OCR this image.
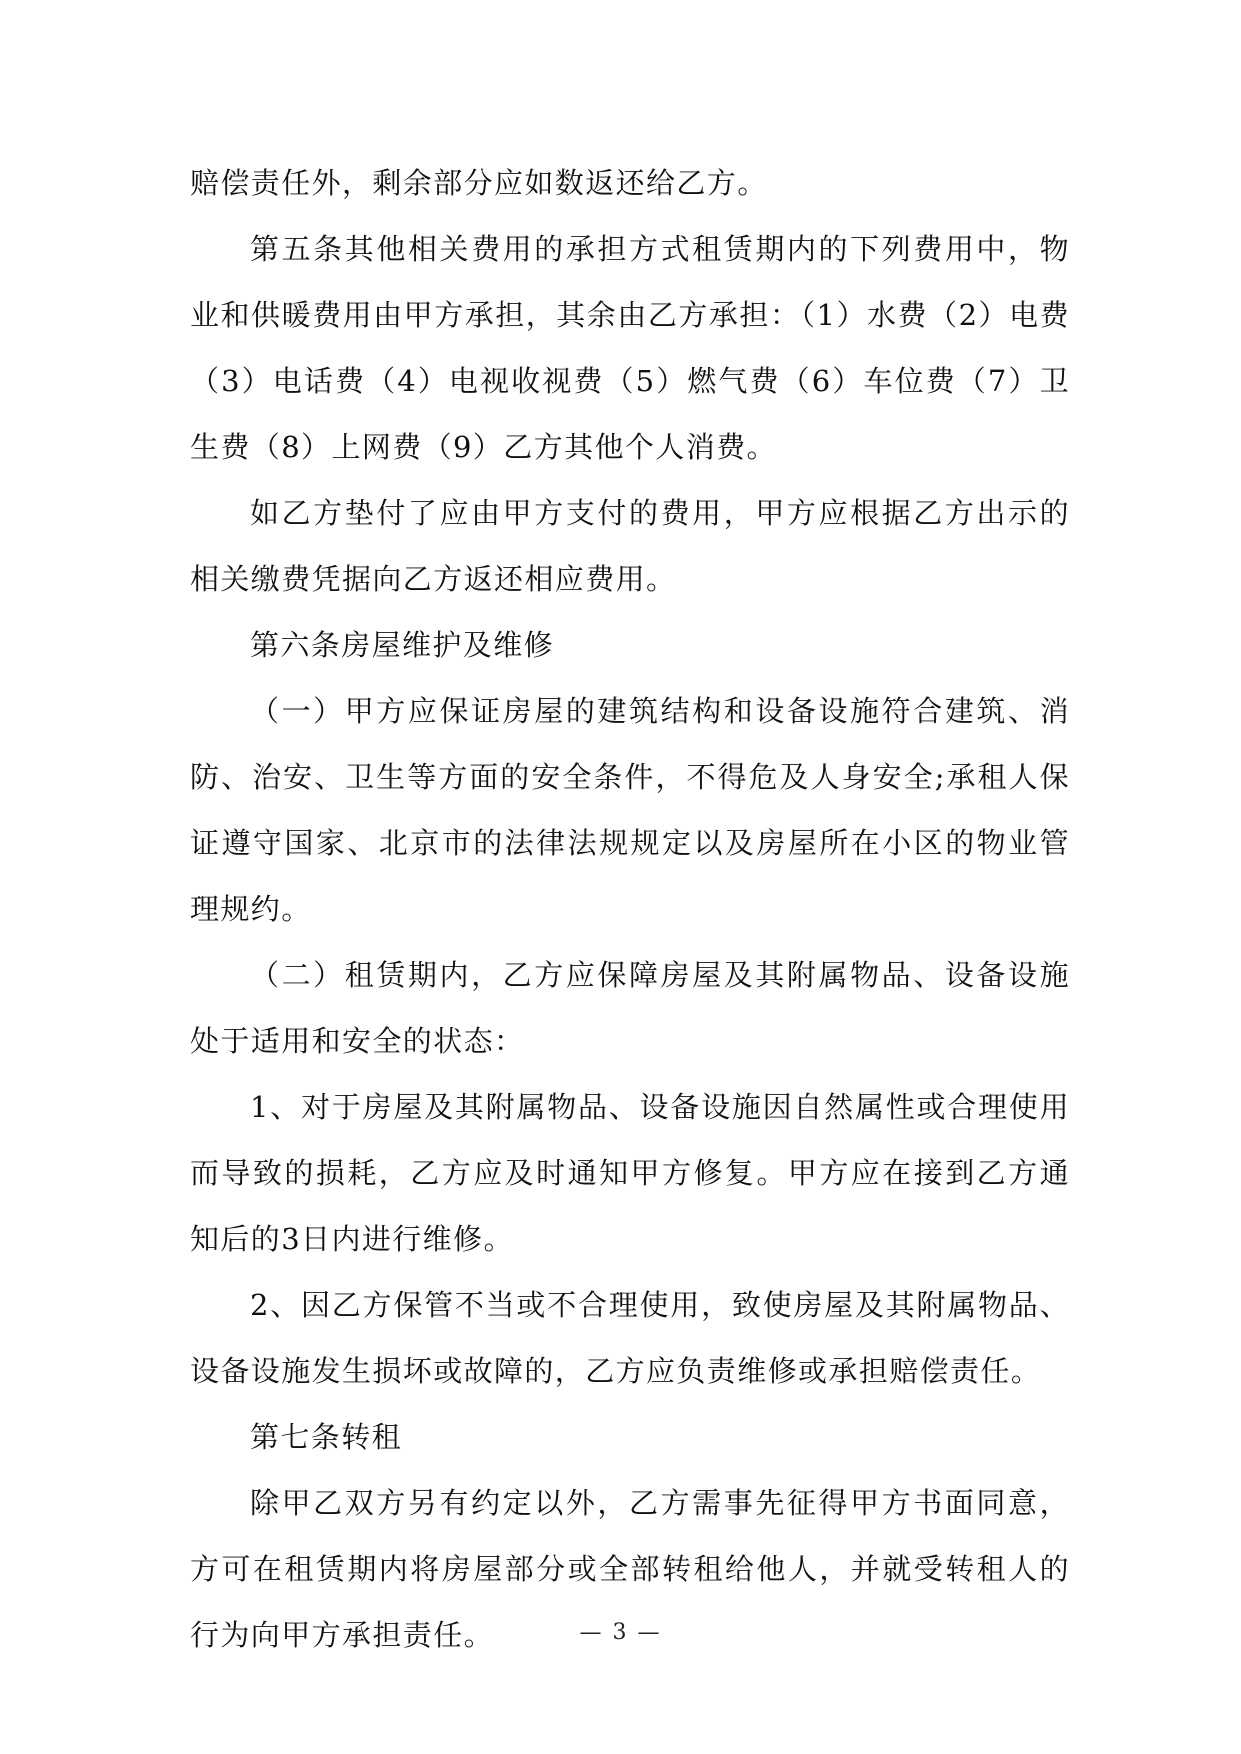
赔偿责任外，剩余部分应如数返还给乙方。

第五条其他相关费用的承担方式租赁期内的下列费用中，物业和供暖费用由甲方承担，其余由乙方承担：（1）水费（2）电费（3）电话费（4）电视收视费（5）燃气费（6）车位费（7）卫生费（8）上网费（9）乙方其他个人消费。

如乙方垫付了应由甲方支付的费用，甲方应根据乙方出示的相关缴费凭据向乙方返还相应费用。

第六条房屋维护及维修

（一）甲方应保证房屋的建筑结构和设备设施符合建筑、消防、治安、卫生等方面的安全条件，不得危及人身安全;承租人保证遵守国家、北京市的法律法规规定以及房屋所在小区的物业管理规约。

（二）租赁期内，乙方应保障房屋及其附属物品、设备设施处于适用和安全的状态：

1、对于房屋及其附属物品、设备设施因自然属性或合理使用而导致的损耗，乙方应及时通知甲方修复。甲方应在接到乙方通知后的3日内进行维修。

2、因乙方保管不当或不合理使用，致使房屋及其附属物品、设备设施发生损坏或故障的，乙方应负责维修或承担赔偿责任。

第七条转租

除甲乙双方另有约定以外，乙方需事先征得甲方书面同意，方可在租赁期内将房屋部分或全部转租给他人，并就受转租人的行为向甲方承担责任。	— 3 —
